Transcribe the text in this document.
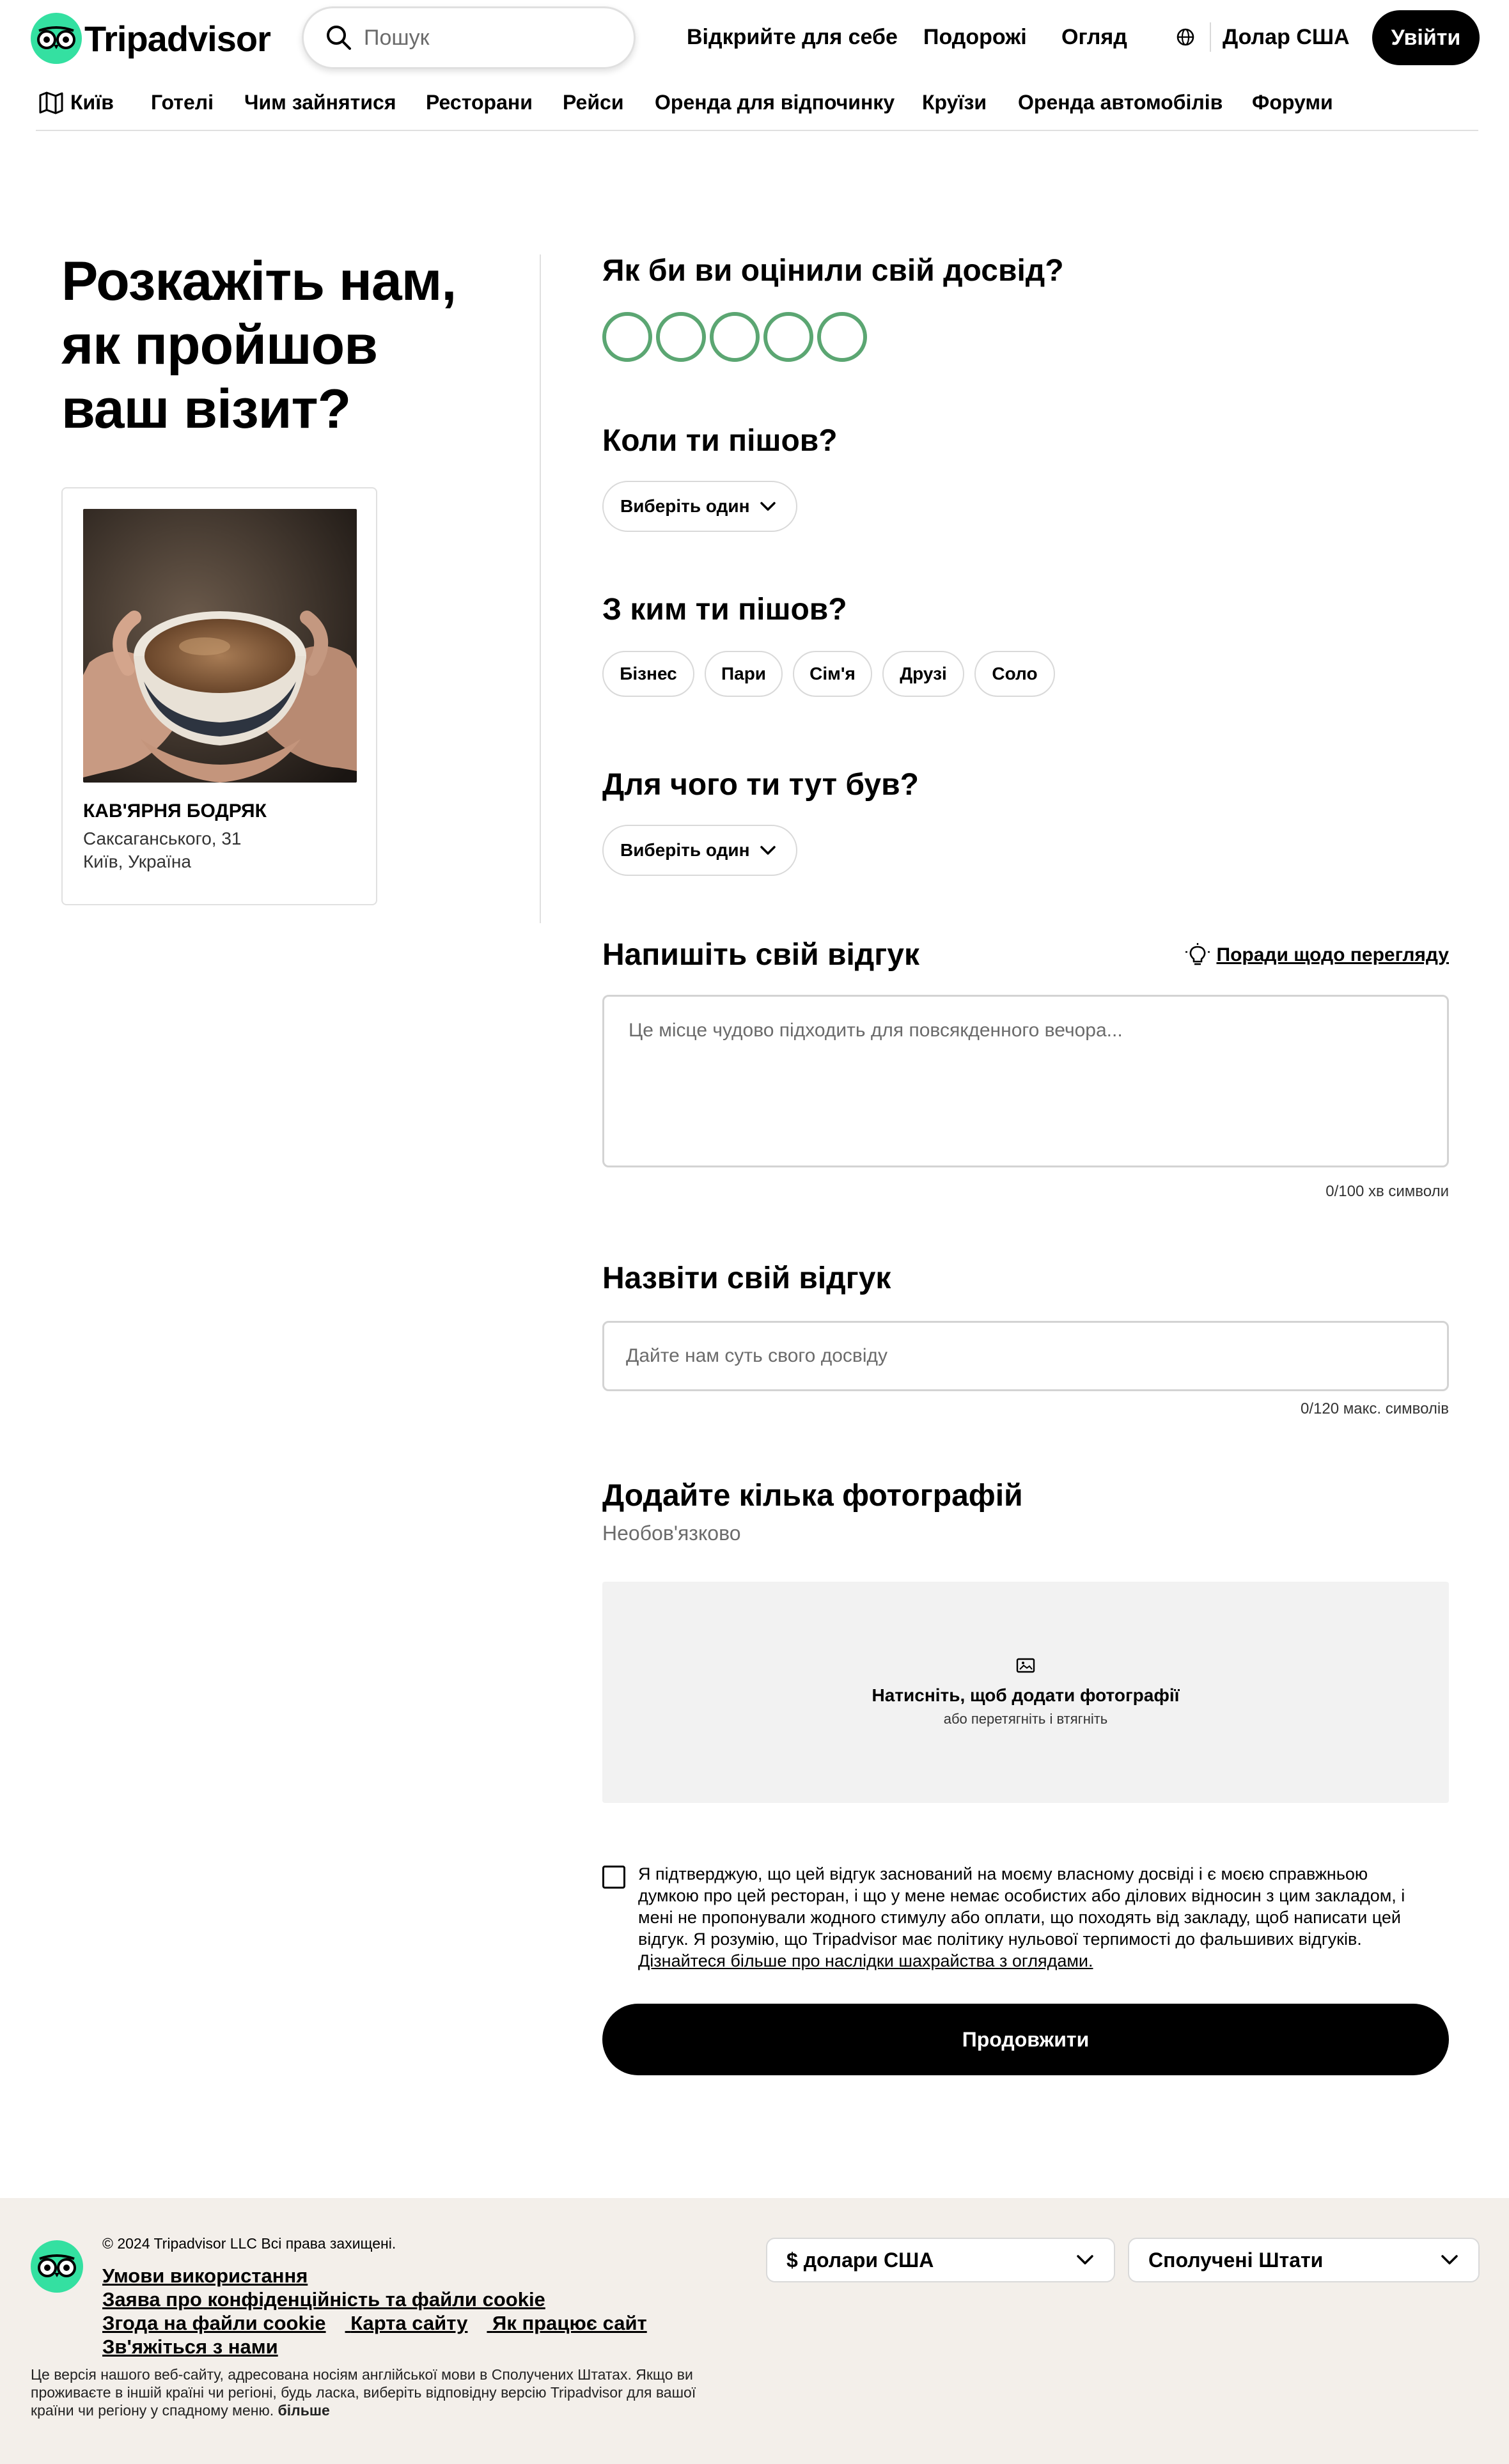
Tripadvisor
Пошук	Відкрийте для себе Подорожі Огляд	Долар США	Увійти
Київ Готелі Чим зайнятися Ресторани Рейси Оренда для відпочинку Круїзи Оренда автомобілів Форуми
Розкажіть нам, як пройшов ваш візит?
КАВ'ЯРНЯ БОДРЯК
Саксаганського, 31
Київ, Україна
Як би ви оцінили свій досвід?
Коли ти пішов?
Виберіть один
З ким ти пішов?
Бізнес	Пари	Сім'я	Друзі	Соло
Для чого ти тут був?
Виберіть один
Напишіть свій відгук	Поради щодо перегляду
Це місце чудово підходить для повсякденного вечора...
0/100 хв символи
Назвіти свій відгук
Дайте нам суть свого досвіду
0/120 макс. символів
Додайте кілька фотографій
Необов'язково
Натисніть, щоб додати фотографії
або перетягніть і втягніть
Я підтверджую, що цей відгук заснований на моєму власному досвіді і є моєю справжньою думкою про цей ресторан, і що у мене немає особистих або ділових відносин з цим закладом, і мені не пропонували жодного стимулу або оплати, що походять від закладу, щоб написати цей відгук. Я розумію, що Tripadvisor має політику нульової терпимості до фальшивих відгуків. Дізнайтеся більше про наслідки шахрайства з оглядами.
Продовжити
© 2024 Tripadvisor LLC Всі права захищені.
Умови використання
Заява про конфіденційність та файли cookie
Згода на файли cookie Карта сайту Як працює сайт
Зв'яжіться з нами
Це версія нашого веб-сайту, адресована носіям англійської мови в Сполучених Штатах. Якщо ви проживаєте в іншій країні чи регіоні, будь ласка, виберіть відповідну версію Tripadvisor для вашої країни чи регіону у спадному меню. більше
$ долари США	Сполучені Штати
